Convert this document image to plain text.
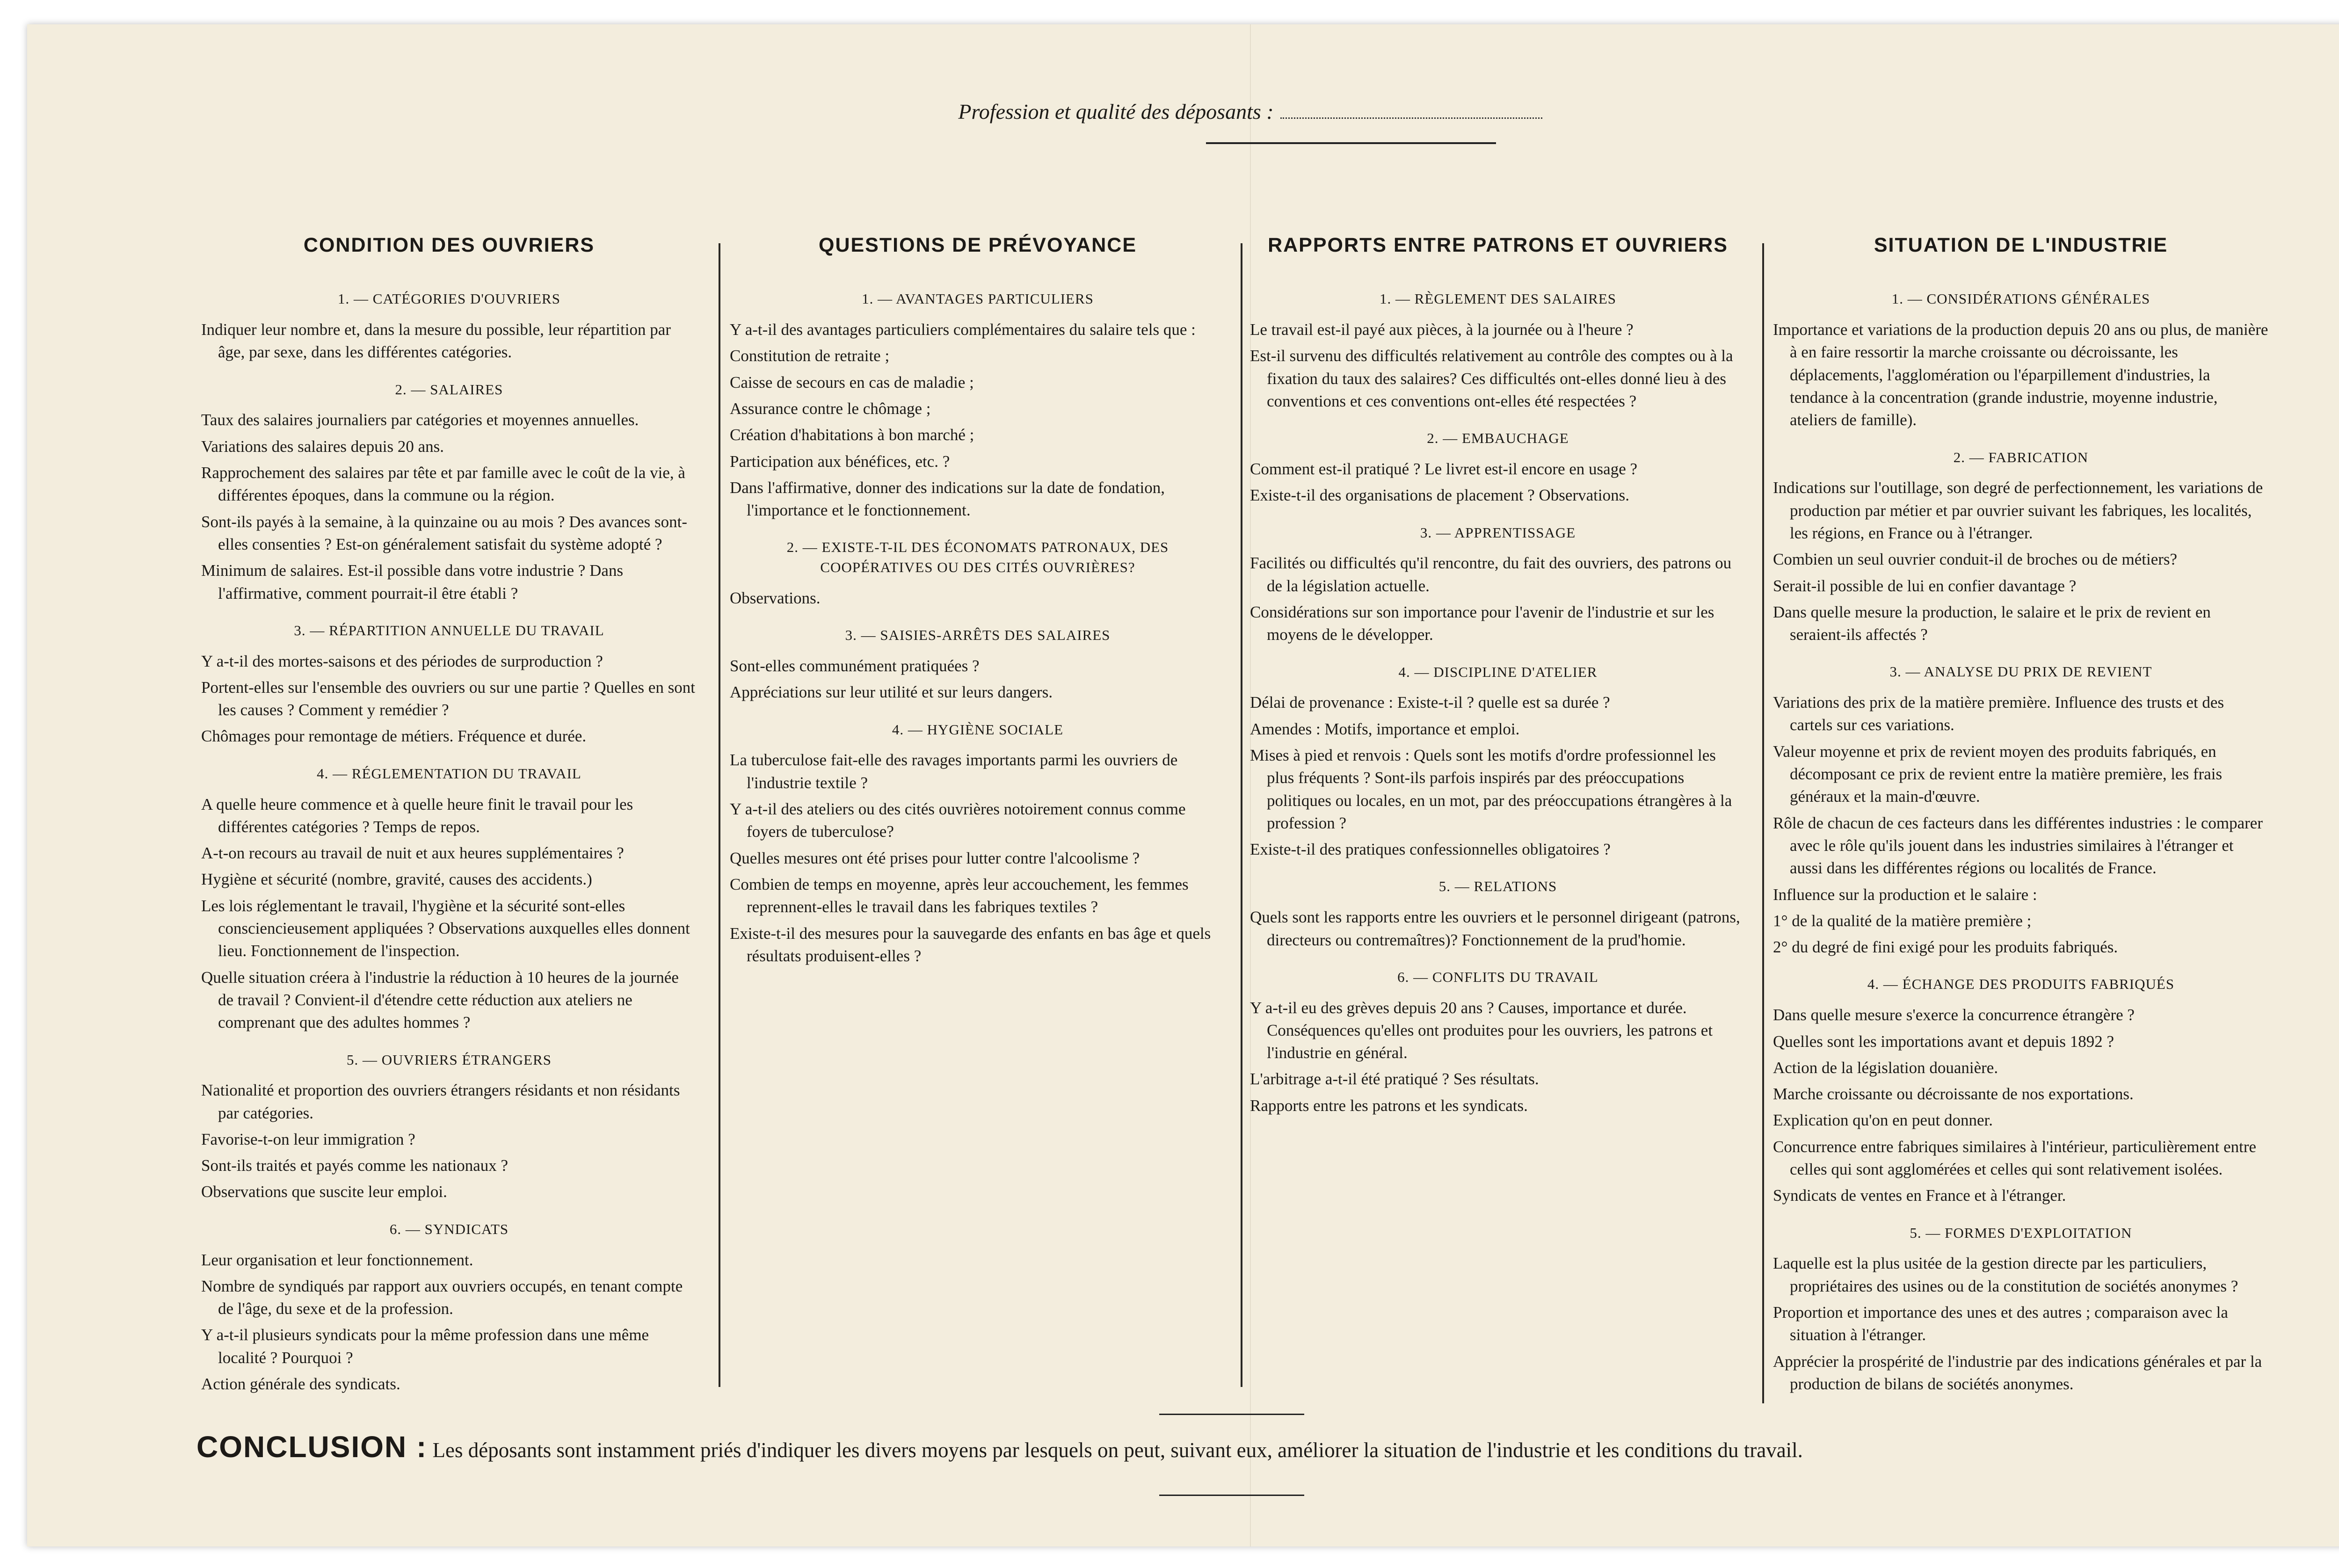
Profession et qualité des déposants :
CONDITION DES OUVRIERS
1. — CATÉGORIES D'OUVRIERS
Indiquer leur nombre et, dans la mesure du possible, leur répartition par âge, par sexe, dans les différentes catégories.
2. — SALAIRES
Taux des salaires journaliers par catégories et moyennes annuelles.
Variations des salaires depuis 20 ans.
Rapprochement des salaires par tête et par famille avec le coût de la vie, à différentes époques, dans la commune ou la région.
Sont-ils payés à la semaine, à la quinzaine ou au mois ? Des avances sont-elles consenties ? Est-on généralement satisfait du système adopté ?
Minimum de salaires. Est-il possible dans votre industrie ? Dans l'affirmative, comment pourrait-il être établi ?
3. — RÉPARTITION ANNUELLE DU TRAVAIL
Y a-t-il des mortes-saisons et des périodes de surproduction ?
Portent-elles sur l'ensemble des ouvriers ou sur une partie ? Quelles en sont les causes ? Comment y remédier ?
Chômages pour remontage de métiers. Fréquence et durée.
4. — RÉGLEMENTATION DU TRAVAIL
A quelle heure commence et à quelle heure finit le travail pour les différentes catégories ? Temps de repos.
A-t-on recours au travail de nuit et aux heures supplémentaires ?
Hygiène et sécurité (nombre, gravité, causes des accidents.)
Les lois réglementant le travail, l'hygiène et la sécurité sont-elles consciencieusement appliquées ? Observations auxquelles elles donnent lieu. Fonctionnement de l'inspection.
Quelle situation créera à l'industrie la réduction à 10 heures de la journée de travail ? Convient-il d'étendre cette réduction aux ateliers ne comprenant que des adultes hommes ?
5. — OUVRIERS ÉTRANGERS
Nationalité et proportion des ouvriers étrangers résidants et non résidants par catégories.
Favorise-t-on leur immigration ?
Sont-ils traités et payés comme les nationaux ?
Observations que suscite leur emploi.
6. — SYNDICATS
Leur organisation et leur fonctionnement.
Nombre de syndiqués par rapport aux ouvriers occupés, en tenant compte de l'âge, du sexe et de la profession.
Y a-t-il plusieurs syndicats pour la même profession dans une même localité ? Pourquoi ?
Action générale des syndicats.
QUESTIONS DE PRÉVOYANCE
1. — AVANTAGES PARTICULIERS
Y a-t-il des avantages particuliers complémentaires du salaire tels que :
Constitution de retraite ;
Caisse de secours en cas de maladie ;
Assurance contre le chômage ;
Création d'habitations à bon marché ;
Participation aux bénéfices, etc. ?
Dans l'affirmative, donner des indications sur la date de fondation, l'importance et le fonctionnement.
2. — EXISTE-T-IL DES ÉCONOMATS PATRONAUX, DES COOPÉRATIVES OU DES CITÉS OUVRIÈRES?
Observations.
3. — SAISIES-ARRÊTS DES SALAIRES
Sont-elles communément pratiquées ?
Appréciations sur leur utilité et sur leurs dangers.
4. — HYGIÈNE SOCIALE
La tuberculose fait-elle des ravages importants parmi les ouvriers de l'industrie textile ?
Y a-t-il des ateliers ou des cités ouvrières notoirement connus comme foyers de tuberculose?
Quelles mesures ont été prises pour lutter contre l'alcoolisme ?
Combien de temps en moyenne, après leur accouchement, les femmes reprennent-elles le travail dans les fabriques textiles ?
Existe-t-il des mesures pour la sauvegarde des enfants en bas âge et quels résultats produisent-elles ?
RAPPORTS ENTRE PATRONS ET OUVRIERS
1. — RÈGLEMENT DES SALAIRES
Le travail est-il payé aux pièces, à la journée ou à l'heure ?
Est-il survenu des difficultés relativement au contrôle des comptes ou à la fixation du taux des salaires? Ces difficultés ont-elles donné lieu à des conventions et ces conventions ont-elles été respectées ?
2. — EMBAUCHAGE
Comment est-il pratiqué ? Le livret est-il encore en usage ?
Existe-t-il des organisations de placement ? Observations.
3. — APPRENTISSAGE
Facilités ou difficultés qu'il rencontre, du fait des ouvriers, des patrons ou de la législation actuelle.
Considérations sur son importance pour l'avenir de l'industrie et sur les moyens de le développer.
4. — DISCIPLINE D'ATELIER
Délai de provenance : Existe-t-il ? quelle est sa durée ?
Amendes : Motifs, importance et emploi.
Mises à pied et renvois : Quels sont les motifs d'ordre professionnel les plus fréquents ? Sont-ils parfois inspirés par des préoccupations politiques ou locales, en un mot, par des préoccupations étrangères à la profession ?
Existe-t-il des pratiques confessionnelles obligatoires ?
5. — RELATIONS
Quels sont les rapports entre les ouvriers et le personnel dirigeant (patrons, directeurs ou contremaîtres)? Fonctionnement de la prud'homie.
6. — CONFLITS DU TRAVAIL
Y a-t-il eu des grèves depuis 20 ans ? Causes, importance et durée. Conséquences qu'elles ont produites pour les ouvriers, les patrons et l'industrie en général.
L'arbitrage a-t-il été pratiqué ? Ses résultats.
Rapports entre les patrons et les syndicats.
SITUATION DE L'INDUSTRIE
1. — CONSIDÉRATIONS GÉNÉRALES
Importance et variations de la production depuis 20 ans ou plus, de manière à en faire ressortir la marche croissante ou décroissante, les déplacements, l'agglomération ou l'éparpillement d'industries, la tendance à la concentration (grande industrie, moyenne industrie, ateliers de famille).
2. — FABRICATION
Indications sur l'outillage, son degré de perfectionnement, les variations de production par métier et par ouvrier suivant les fabriques, les localités, les régions, en France ou à l'étranger.
Combien un seul ouvrier conduit-il de broches ou de métiers?
Serait-il possible de lui en confier davantage ?
Dans quelle mesure la production, le salaire et le prix de revient en seraient-ils affectés ?
3. — ANALYSE DU PRIX DE REVIENT
Variations des prix de la matière première. Influence des trusts et des cartels sur ces variations.
Valeur moyenne et prix de revient moyen des produits fabriqués, en décomposant ce prix de revient entre la matière première, les frais généraux et la main-d'œuvre.
Rôle de chacun de ces facteurs dans les différentes industries : le comparer avec le rôle qu'ils jouent dans les industries similaires à l'étranger et aussi dans les différentes régions ou localités de France.
Influence sur la production et le salaire :
1° de la qualité de la matière première ;
2° du degré de fini exigé pour les produits fabriqués.
4. — ÉCHANGE DES PRODUITS FABRIQUÉS
Dans quelle mesure s'exerce la concurrence étrangère ?
Quelles sont les importations avant et depuis 1892 ?
Action de la législation douanière.
Marche croissante ou décroissante de nos exportations.
Explication qu'on en peut donner.
Concurrence entre fabriques similaires à l'intérieur, particulièrement entre celles qui sont agglomérées et celles qui sont relativement isolées.
Syndicats de ventes en France et à l'étranger.
5. — FORMES D'EXPLOITATION
Laquelle est la plus usitée de la gestion directe par les particuliers, propriétaires des usines ou de la constitution de sociétés anonymes ?
Proportion et importance des unes et des autres ; comparaison avec la situation à l'étranger.
Apprécier la prospérité de l'industrie par des indications générales et par la production de bilans de sociétés anonymes.
CONCLUSION : Les déposants sont instamment priés d'indiquer les divers moyens par lesquels on peut, suivant eux, améliorer la situation de l'industrie et les conditions du travail.
